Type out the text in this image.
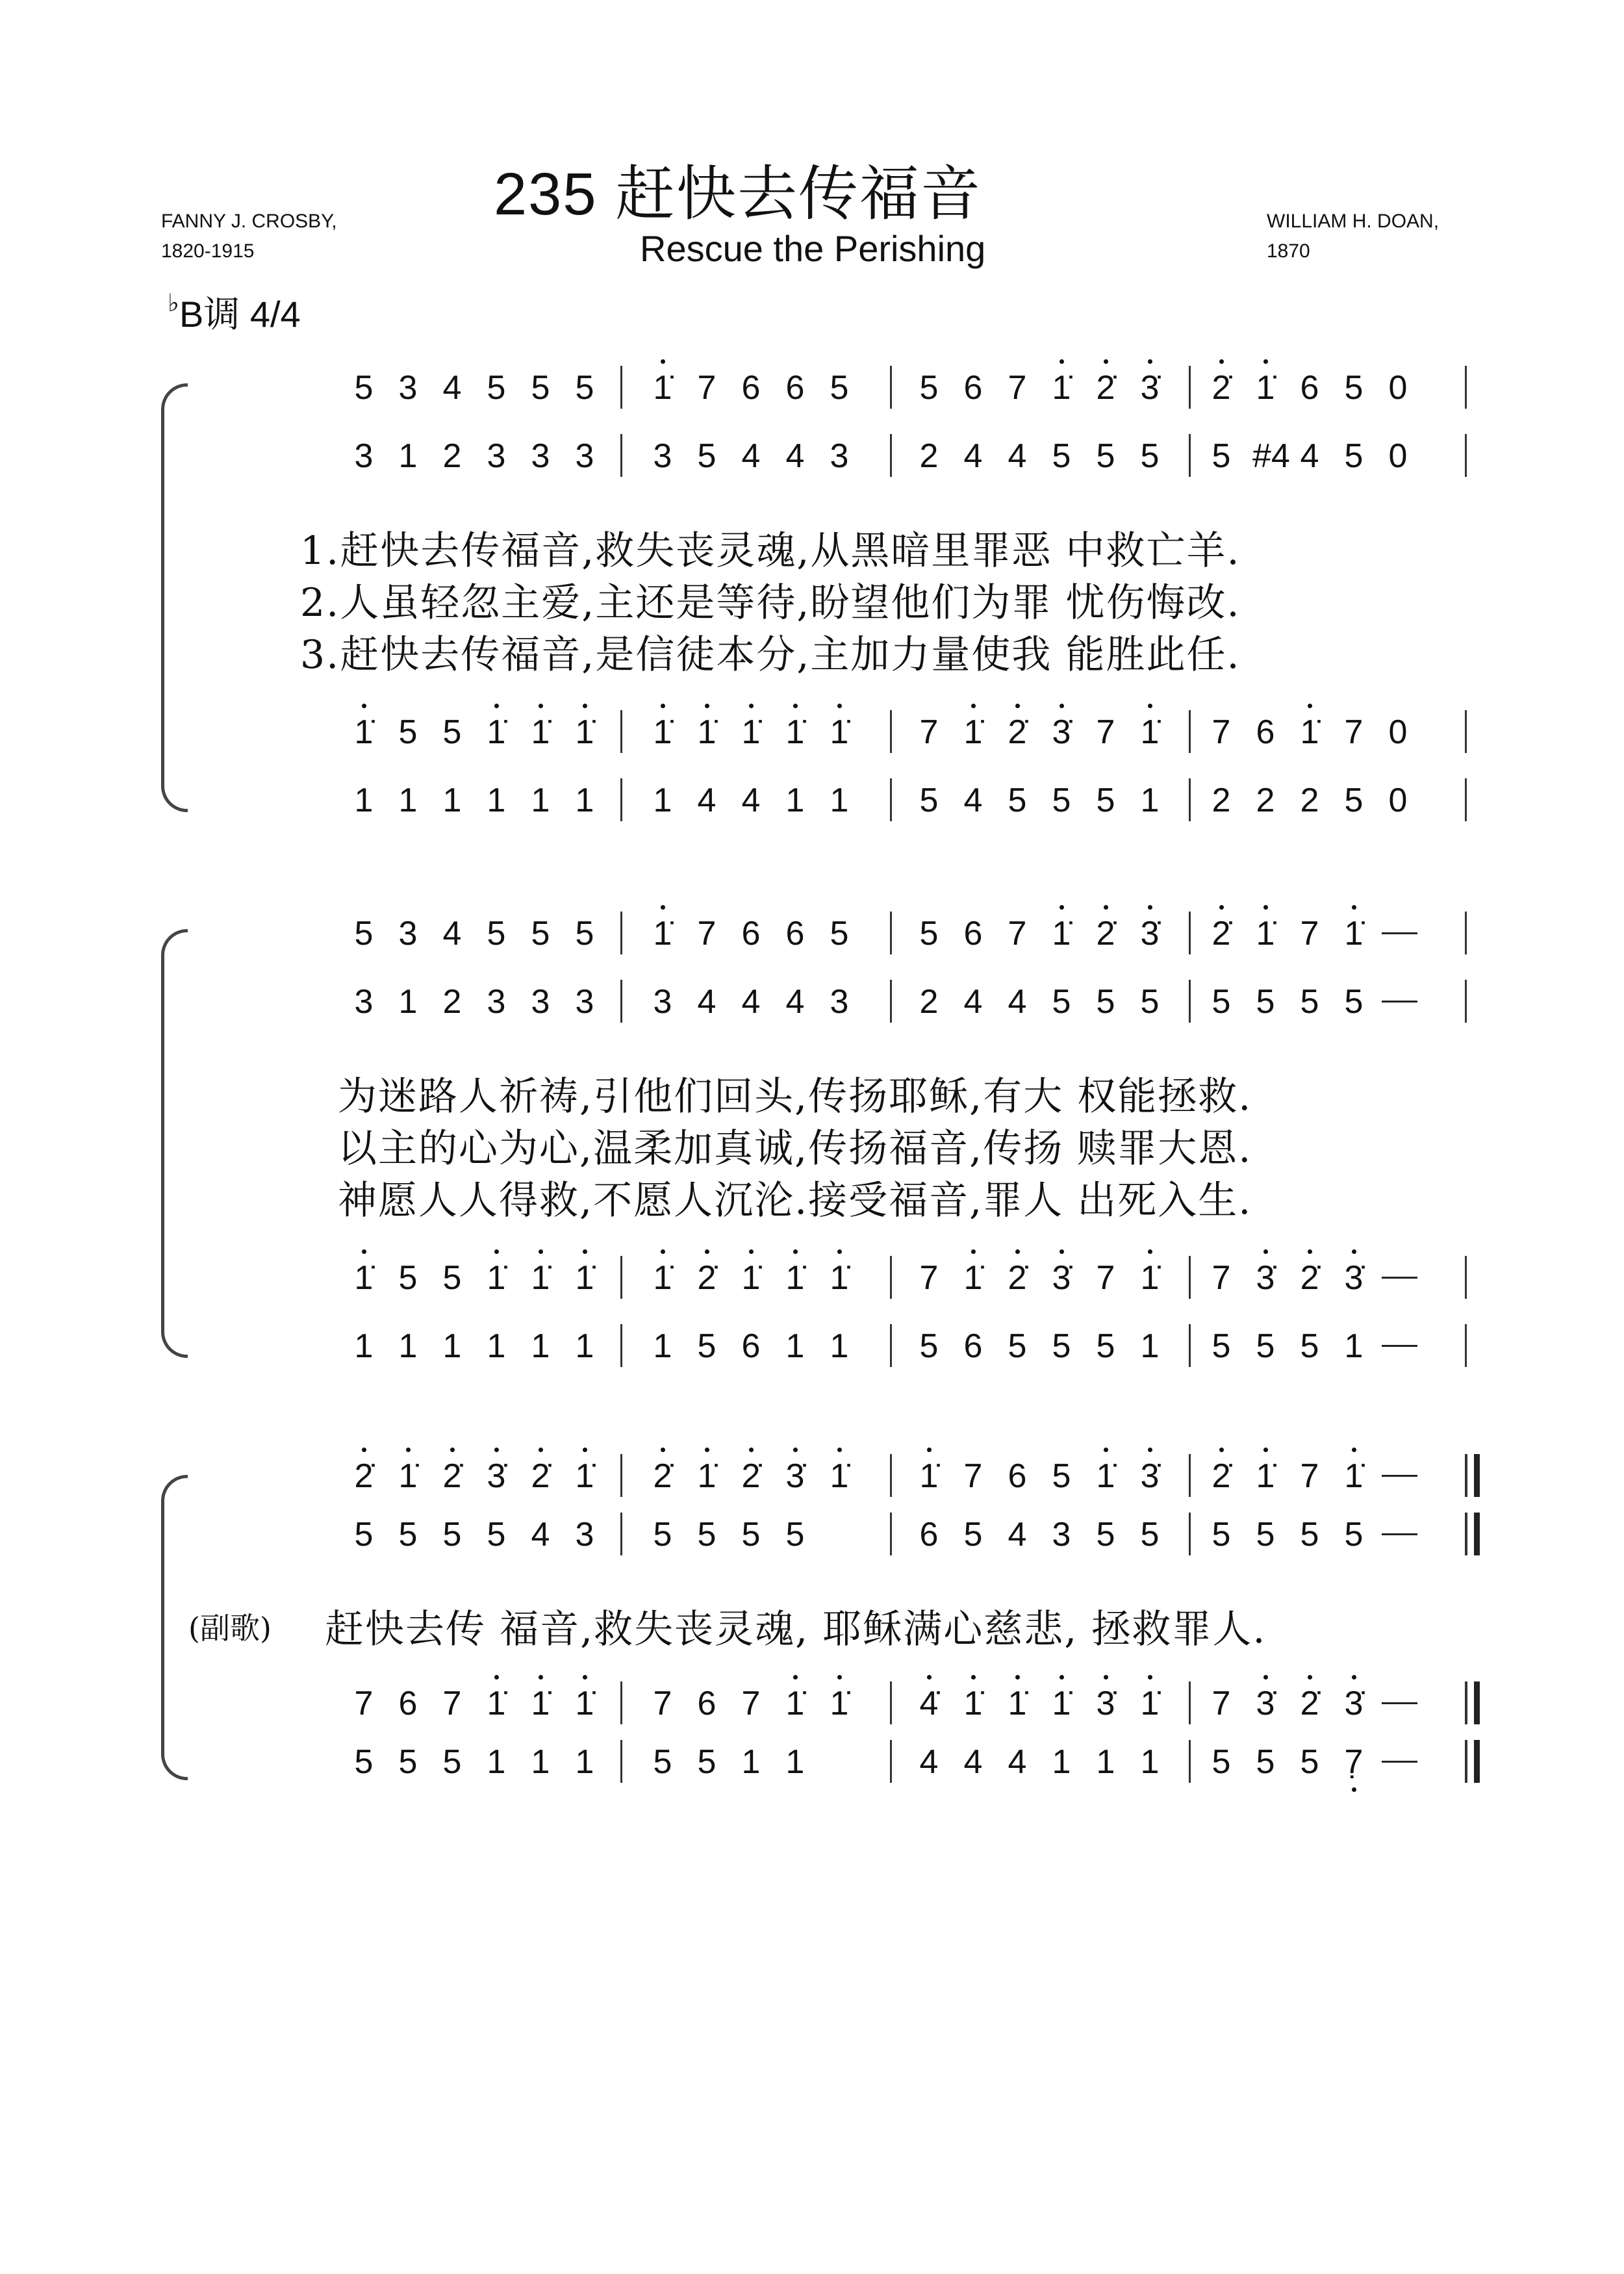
235 赶快去传福音
Rescue the Perishing
FANNY J. CROSBY,
1820-1915
WILLIAM H. DOAN,
1870
♭B调 4/4
5 3 4 5 5 5 1̇ 7 6 6 5 5 6 7 1̇ 2̇ 3̇ 2̇ 1̇ 6 5 0
3 1 2 3 3 3 3 5 4 4 3 2 4 4 5 5 5 5 #4 4 5 0
1̇ 5 5 1̇ 1̇ 1̇ 1̇ 1̇ 1̇ 1̇ 1̇ 7 1̇ 2̇ 3̇ 7 1̇ 7 6 1̇ 7 0
1 1 1 1 1 1 1 4 4 1 1 5 4 5 5 5 1 2 2 2 5 0
5 3 4 5 5 5 1̇ 7 6 6 5 5 6 7 1̇ 2̇ 3̇ 2̇ 1̇ 7 1̇
3 1 2 3 3 3 3 4 4 4 3 2 4 4 5 5 5 5 5 5 5
1̇ 5 5 1̇ 1̇ 1̇ 1̇ 2̇ 1̇ 1̇ 1̇ 7 1̇ 2̇ 3̇ 7 1̇ 7 3̇ 2̇ 3̇
1 1 1 1 1 1 1 5 6 1 1 5 6 5 5 5 1 5 5 5 1
2̇ 1̇ 2̇ 3̇ 2̇ 1̇ 2̇ 1̇ 2̇ 3̇ 1̇ 1̇ 7 6 5 1̇ 3̇ 2̇ 1̇ 7 1̇
5 5 5 5 4 3 5 5 5 5	6 5 4 3 5 5 5 5 5 5
7 6 7 1̇ 1̇ 1̇ 7 6 7 1̇ 1̇ 4̇ 1̇ 1̇ 1̇ 3̇ 1̇ 7 3̇ 2̇ 3̇
5 5 5 1 1 1 5 5 1 1	4 4 4 1 1 1 5 5 5 7̣
1.赶快去传福音,救失丧灵魂,从黑暗里罪恶 中救亡羊.
2.人虽轻忽主爱,主还是等待,盼望他们为罪 忧伤悔改.
3.赶快去传福音,是信徒本分,主加力量使我 能胜此任.
为迷路人祈祷,引他们回头,传扬耶稣,有大 权能拯救.
以主的心为心,温柔加真诚,传扬福音,传扬 赎罪大恩.
神愿人人得救,不愿人沉沦.接受福音,罪人 出死入生.
(副歌) 赶快去传 福音,救失丧灵魂, 耶稣满心慈悲, 拯救罪人.
